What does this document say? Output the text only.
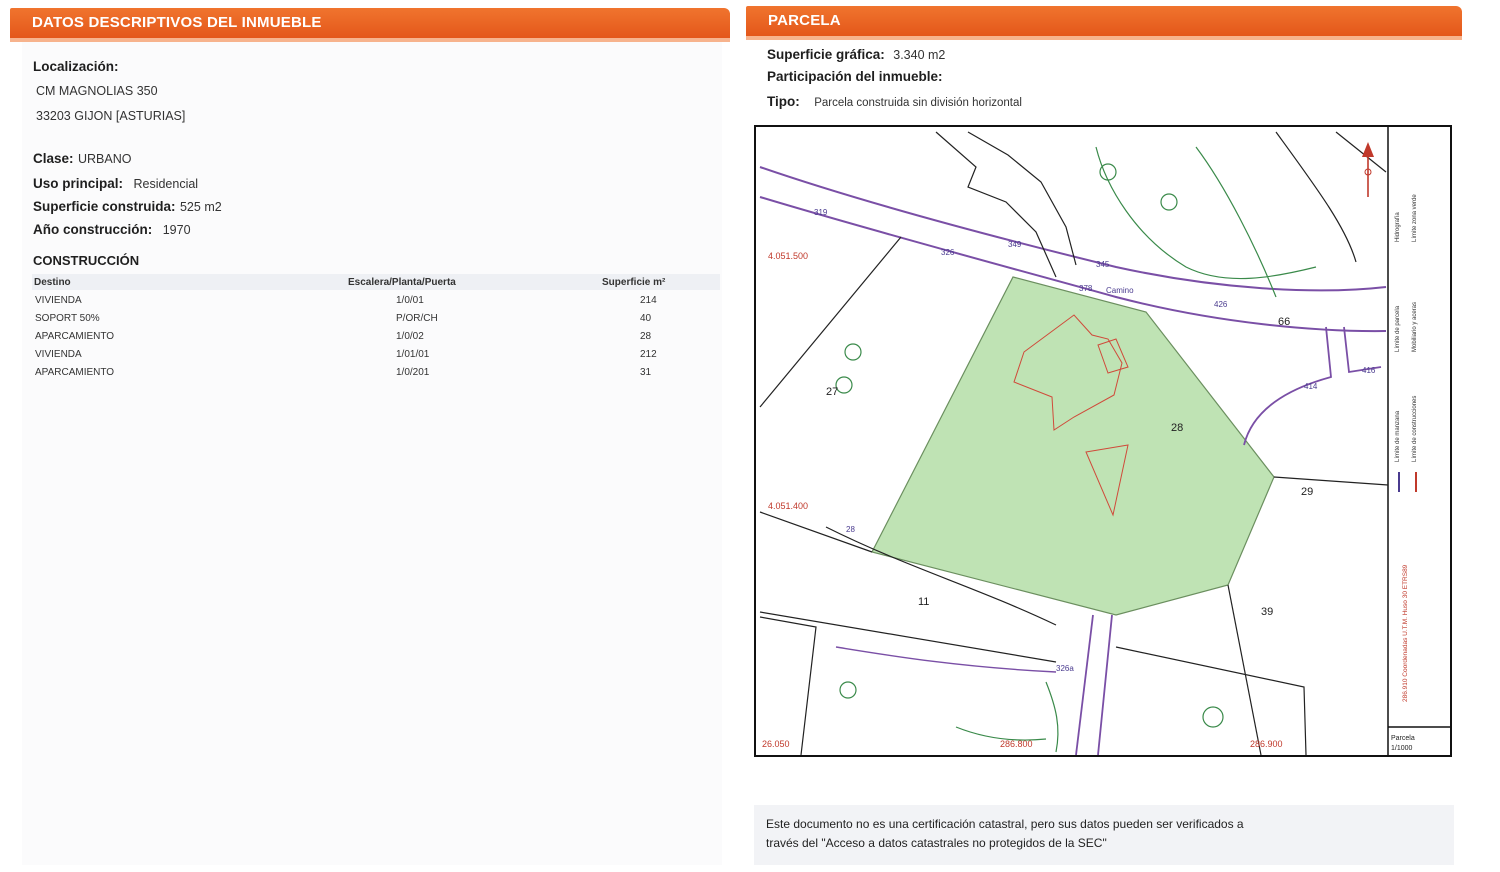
DATOS DESCRIPTIVOS DEL INMUEBLE
Localización:
CM MAGNOLIAS 350
33203 GIJON [ASTURIAS]
Clase: URBANO
Uso principal: Residencial
Superficie construida: 525 m2
Año construcción: 1970
CONSTRUCCIÓN
Destino	Escalera/Planta/Puerta	Superficie m²
VIVIENDA	1/0/01	214
SOPORT 50%	P/OR/CH	40
APARCAMIENTO	1/0/02	28
VIVIENDA	1/01/01	212
APARCAMIENTO	1/0/201	31
PARCELA
Superficie gráfica: 3.340 m2
Participación del inmueble:
Tipo: Parcela construida sin división horizontal
4.051.500
4.051.400
26.050	286.800	286.900
319
326
349
345
378
426
414
416
28
326a
Camino
27
28
29
11
39
66
Límite de manzana
Límite de parcela
Hidrografía
Límite de construcciones
Mobiliario y aceras
Límite zona verde
286.910 Coordenadas U.T.M. Huso 30 ETRS89
Parcela
1/1000

Este documento no es una certificación catastral, pero sus datos pueden ser verificados a
través del "Acceso a datos catastrales no protegidos de la SEC"
